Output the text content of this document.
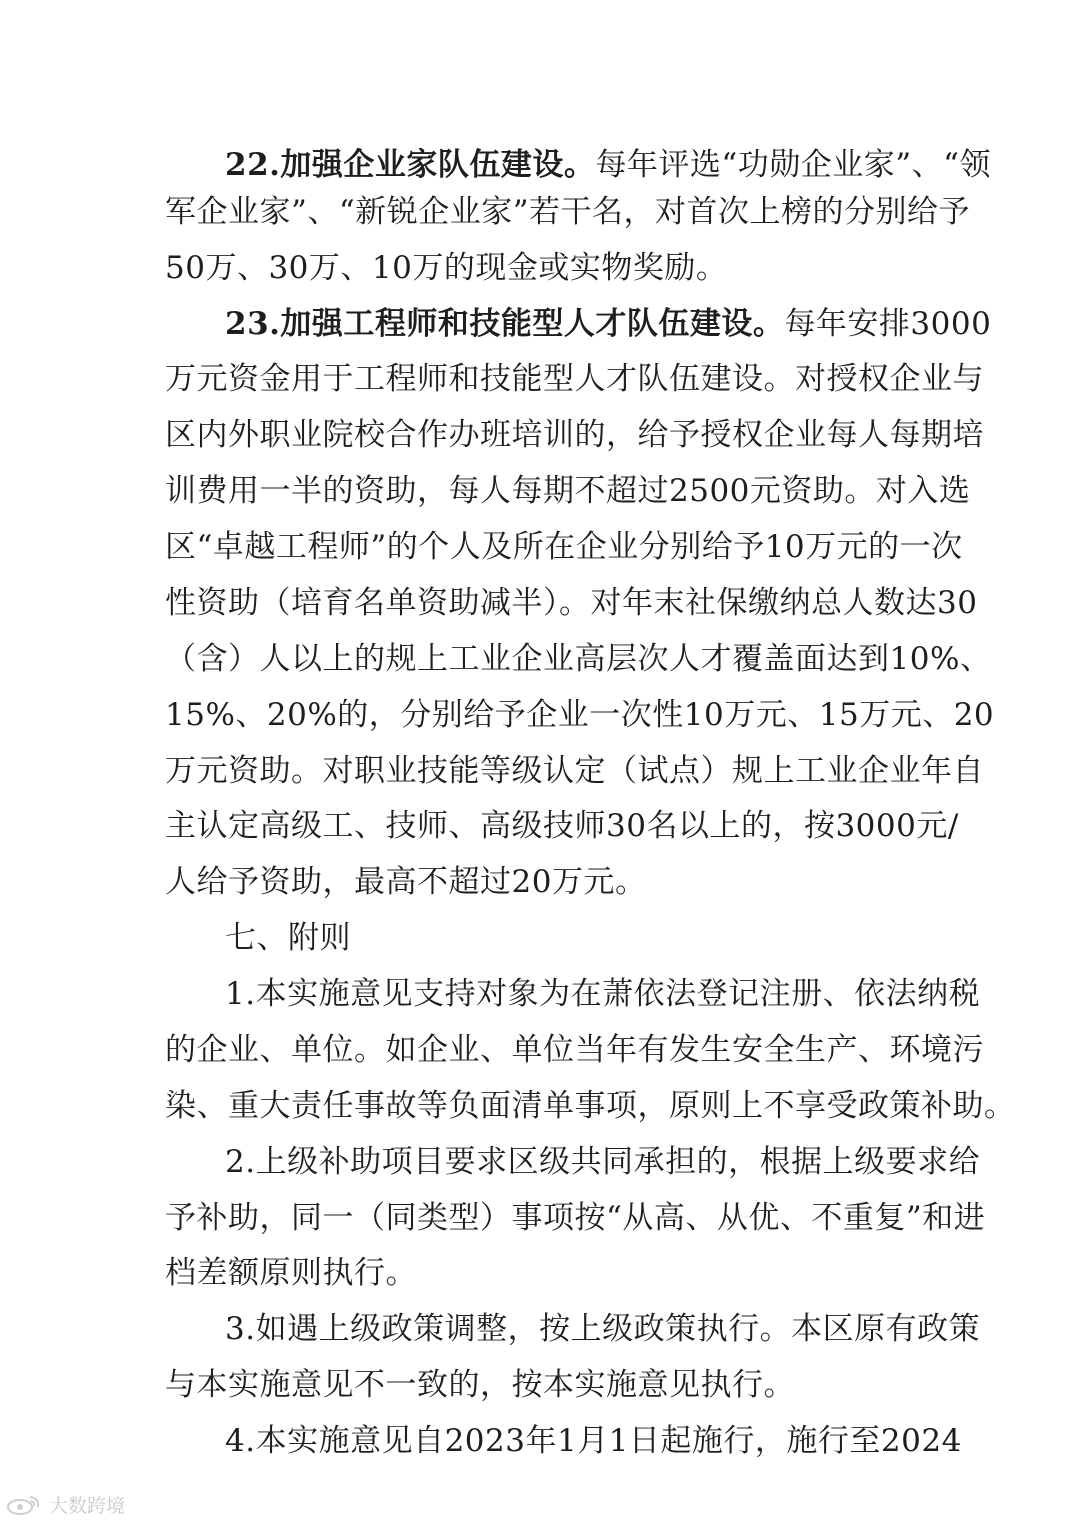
22.加强企业家队伍建设。每年评选“功勋企业家”、“领
军企业家”、“新锐企业家”若干名，对首次上榜的分别给予
50万、30万、10万的现金或实物奖励。
23.加强工程师和技能型人才队伍建设。每年安排3000
万元资金用于工程师和技能型人才队伍建设。对授权企业与
区内外职业院校合作办班培训的，给予授权企业每人每期培
训费用一半的资助，每人每期不超过2500元资助。对入选
区“卓越工程师”的个人及所在企业分别给予10万元的一次
性资助（培育名单资助减半）。对年末社保缴纳总人数达30
（含）人以上的规上工业企业高层次人才覆盖面达到10%、
15%、20%的，分别给予企业一次性10万元、15万元、20
万元资助。对职业技能等级认定（试点）规上工业企业年自
主认定高级工、技师、高级技师30名以上的，按3000元/
人给予资助，最高不超过20万元。
七、附则
1.本实施意见支持对象为在萧依法登记注册、依法纳税
的企业、单位。如企业、单位当年有发生安全生产、环境污
染、重大责任事故等负面清单事项，原则上不享受政策补助。
2.上级补助项目要求区级共同承担的，根据上级要求给
予补助，同一（同类型）事项按“从高、从优、不重复”和进
档差额原则执行。
3.如遇上级政策调整，按上级政策执行。本区原有政策
与本实施意见不一致的，按本实施意见执行。
4.本实施意见自2023年1月1日起施行，施行至2024
大数跨境
